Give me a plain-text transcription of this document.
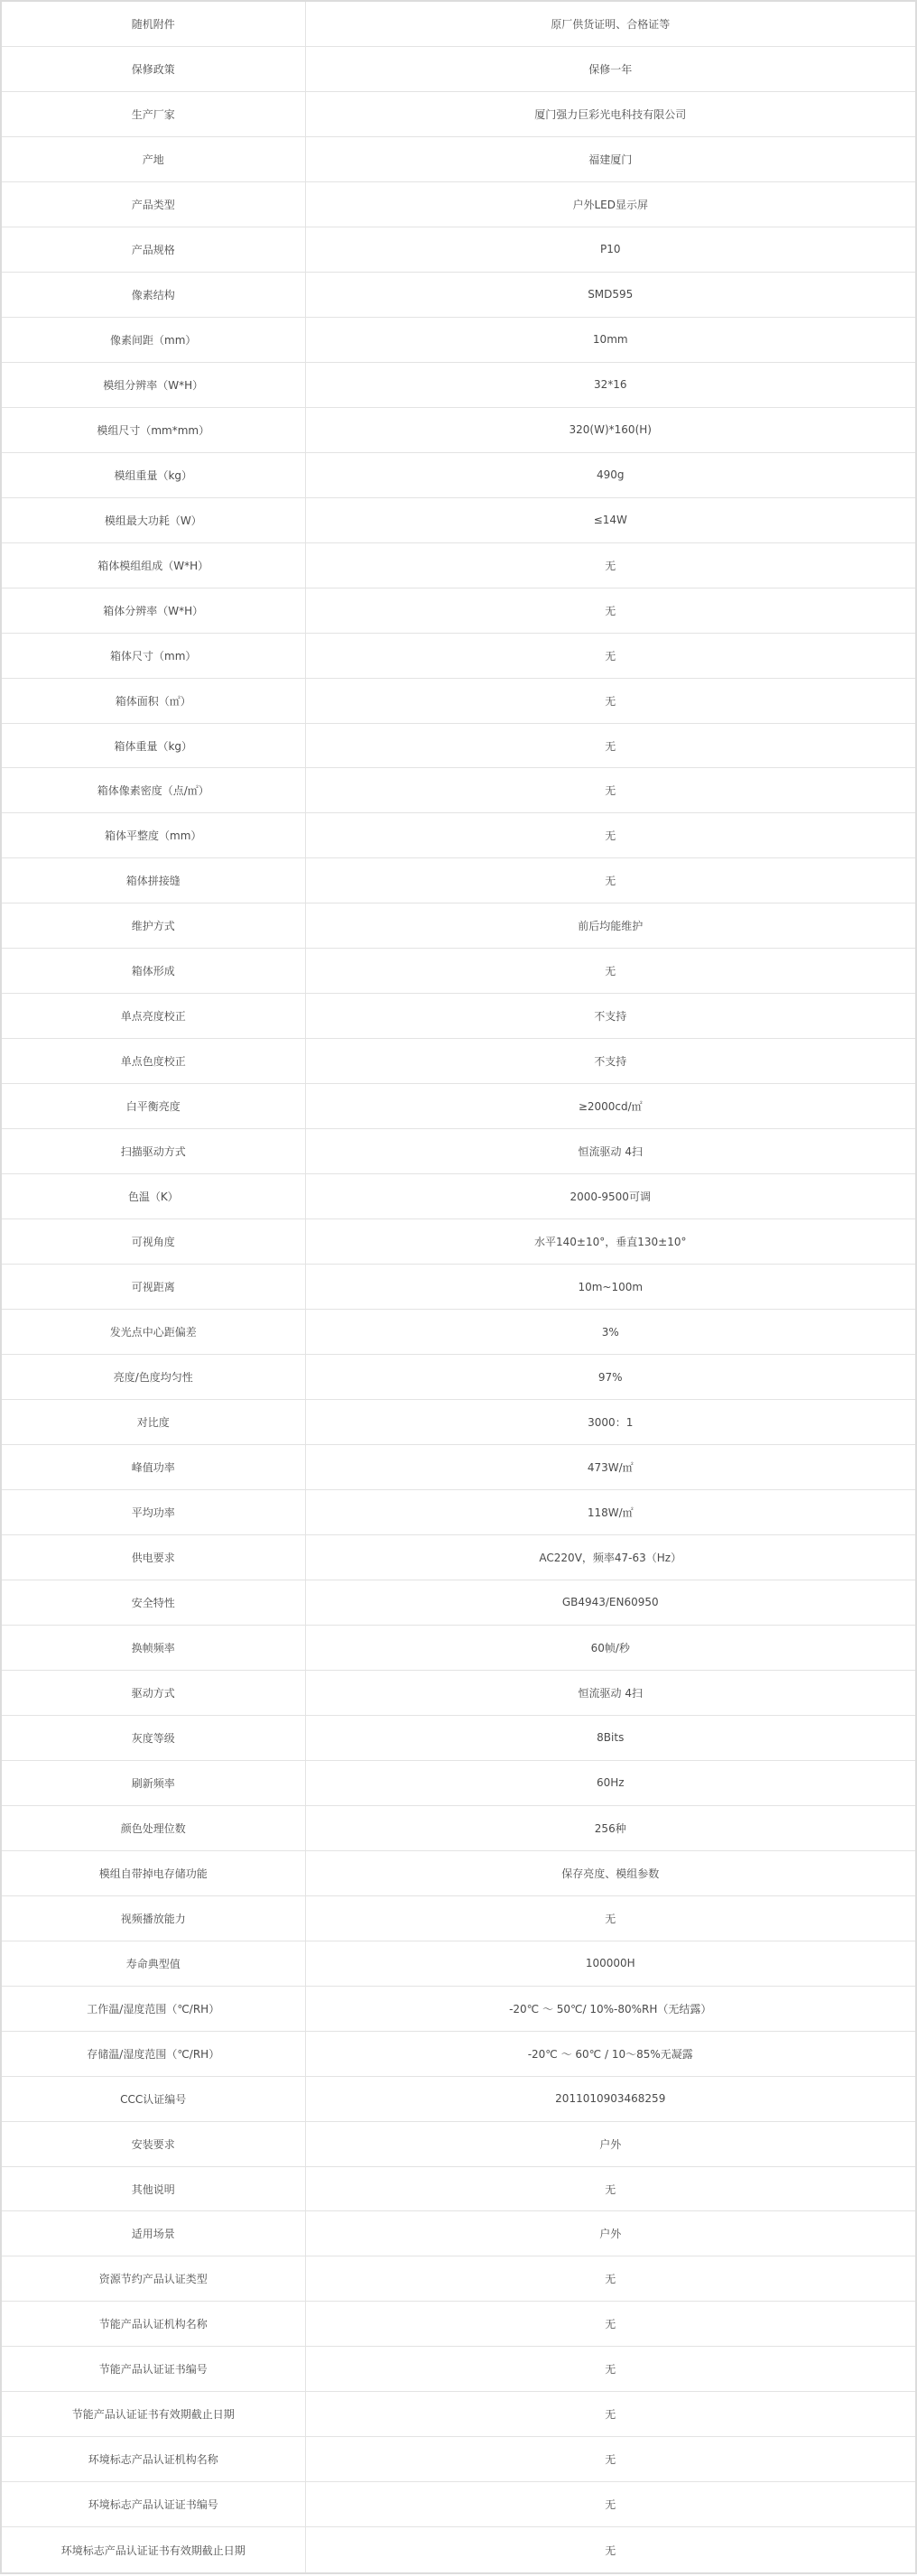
随机附件	原厂供货证明、合格证等
保修政策	保修一年
生产厂家	厦门强力巨彩光电科技有限公司
产地	福建厦门
产品类型	户外LED显示屏
产品规格	P10
像素结构	SMD595
像素间距（mm）	10mm
模组分辨率（W*H）	32*16
模组尺寸（mm*mm）	320(W)*160(H)
模组重量（kg）	490g
模组最大功耗（W）	≤14W
箱体模组组成（W*H）	无
箱体分辨率（W*H）	无
箱体尺寸（mm）	无
箱体面积（㎡）	无
箱体重量（kg）	无
箱体像素密度（点/㎡）	无
箱体平整度（mm）	无
箱体拼接缝	无
维护方式	前后均能维护
箱体形成	无
单点亮度校正	不支持
单点色度校正	不支持
白平衡亮度	≥2000cd/㎡
扫描驱动方式	恒流驱动 4扫
色温（K）	2000-9500可调
可视角度	水平140±10°，垂直130±10°
可视距离	10m~100m
发光点中心距偏差	3%
亮度/色度均匀性	97%
对比度	3000：1
峰值功率	473W/㎡
平均功率	118W/㎡
供电要求	AC220V，频率47-63（Hz）
安全特性	GB4943/EN60950
换帧频率	60帧/秒
驱动方式	恒流驱动 4扫
灰度等级	8Bits
刷新频率	60Hz
颜色处理位数	256种
模组自带掉电存储功能	保存亮度、模组参数
视频播放能力	无
寿命典型值	100000H
工作温/湿度范围（℃/RH）	-20℃ ～ 50℃/ 10%-80%RH（无结露）
存储温/湿度范围（℃/RH）	-20℃ ～ 60℃ / 10～85%无凝露
CCC认证编号	2011010903468259
安装要求	户外
其他说明	无
适用场景	户外
资源节约产品认证类型	无
节能产品认证机构名称	无
节能产品认证证书编号	无
节能产品认证证书有效期截止日期	无
环境标志产品认证机构名称	无
环境标志产品认证证书编号	无
环境标志产品认证证书有效期截止日期	无
